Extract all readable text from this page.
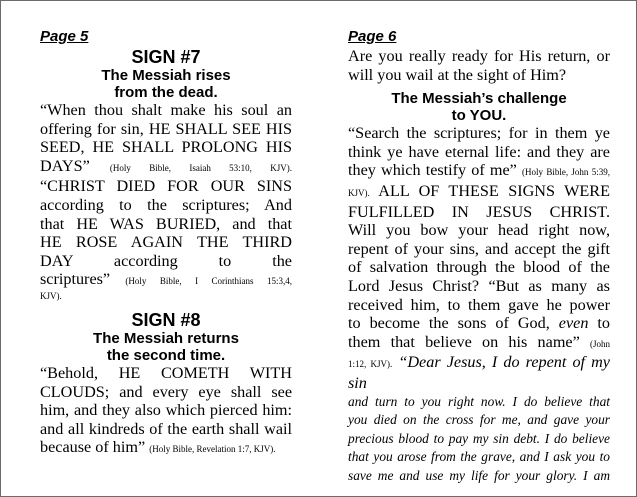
Page 5
SIGN #7
The Messiah rises
from the dead.
“When thou shalt make his soul an
offering for sin, HE SHALL SEE HIS
SEED, HE SHALL PROLONG HIS
DAYS” (Holy Bible, Isaiah 53:10, KJV).
“CHRIST DIED FOR OUR SINS
according to the scriptures; And
that HE WAS BURIED, and that
HE ROSE AGAIN THE THIRD
DAY according to the
scriptures” (Holy Bible, I Corinthians 15:3,4,
KJV).
SIGN #8
The Messiah returns
the second time.
“Behold, HE COMETH WITH
CLOUDS; and every eye shall see
him, and they also which pierced him:
and all kindreds of the earth shall wail
because of him” (Holy Bible, Revelation 1:7, KJV).
Page 6
Are you really ready for His return, or
will you wail at the sight of Him?
The Messiah’s challenge
to YOU.
“Search the scriptures; for in them ye
think ye have eternal life: and they are
they which testify of me” (Holy Bible, John 5:39,
KJV). ALL OF THESE SIGNS WERE
FULFILLED IN JESUS CHRIST.
Will you bow your head right now,
repent of your sins, and accept the gift
of salvation through the blood of the
Lord Jesus Christ? “But as many as
received him, to them gave he power
to become the sons of God, even to
them that believe on his name” (John
1:12, KJV). “Dear Jesus, I do repent of my sin
and turn to you right now. I do believe that
you died on the cross for me, and gave your
precious blood to pay my sin debt. I do believe
that you arose from the grave, and I ask you to
save me and use my life for your glory. I am
